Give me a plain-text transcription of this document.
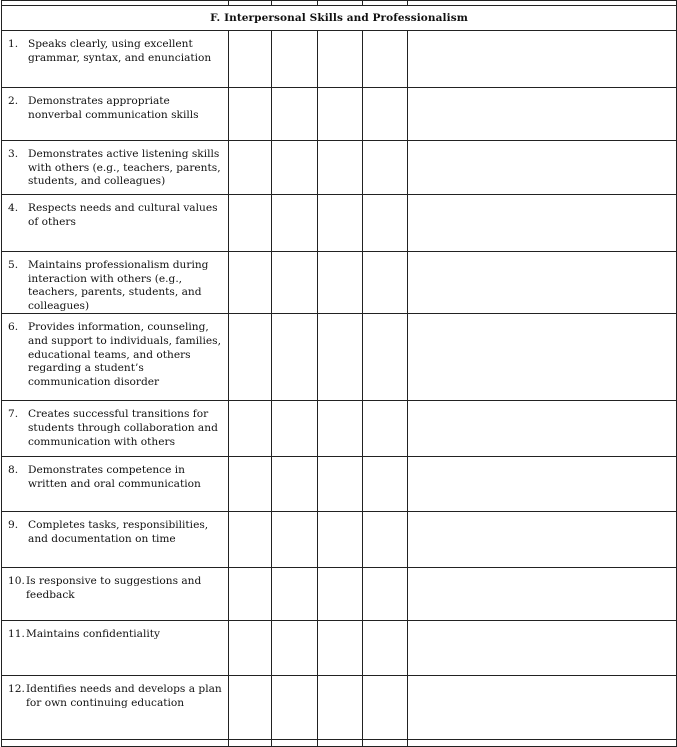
F. Interpersonal Skills and Professionalism					

1. Speaks clearly, using excellent grammar, syntax, and enunciation					

2. Demonstrates appropriate nonverbal communication skills					

3. Demonstrates active listening skills with others (e.g., teachers, parents, students, and colleagues)					

4. Respects needs and cultural values of others					

5. Maintains professionalism during interaction with others (e.g., teachers, parents, students, and colleagues)					

6. Provides information, counseling, and support to individuals, families, educational teams, and others regarding a student’s communication disorder					

7. Creates successful transitions for students through collaboration and communication with others					

8. Demonstrates competence in written and oral communication					

9. Completes tasks, responsibilities, and documentation on time					

10. Is responsive to suggestions and feedback					

11. Maintains confidentiality					

12. Identifies needs and develops a plan for own continuing education					
